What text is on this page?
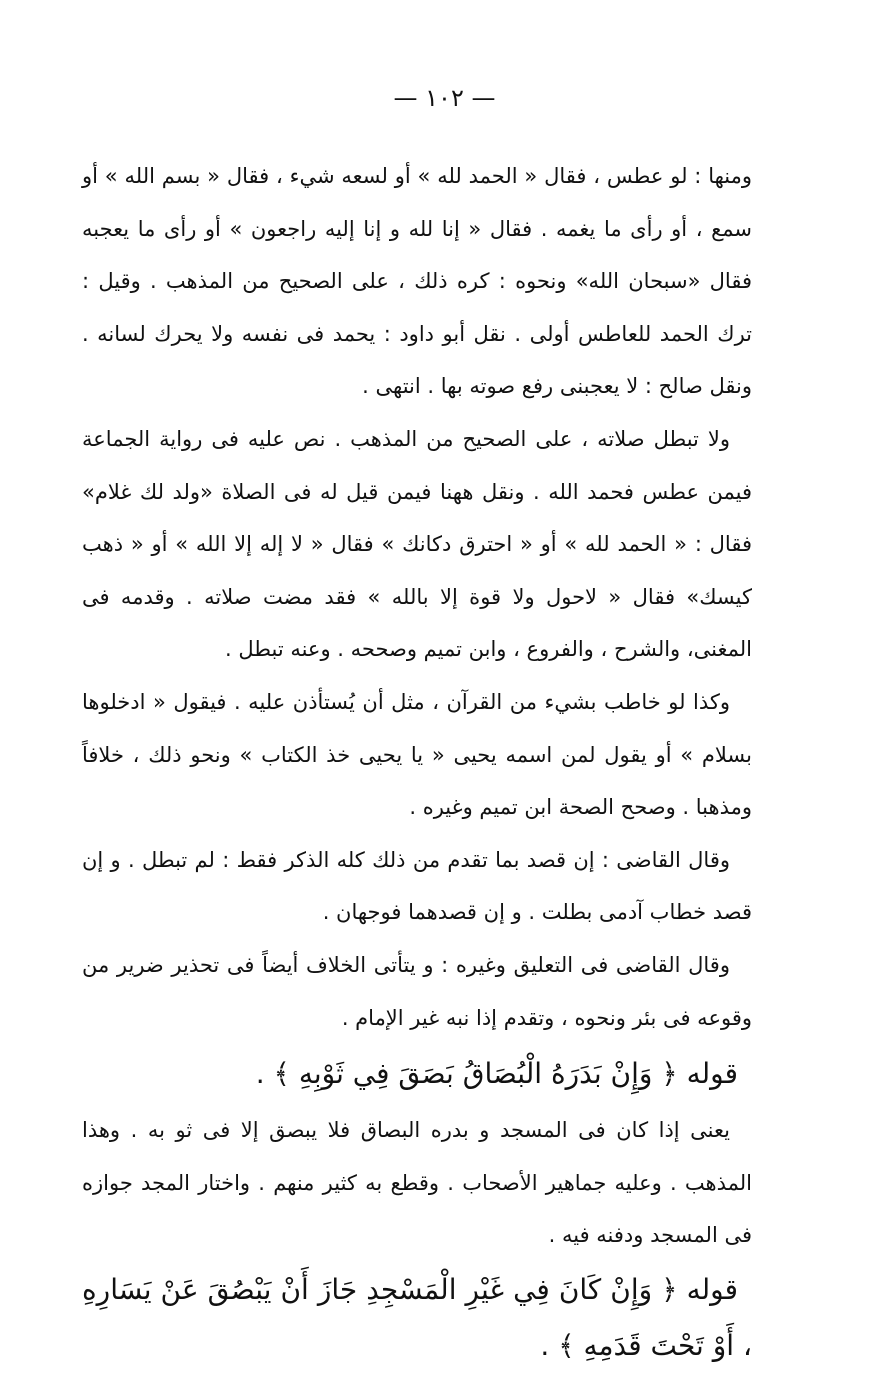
— ١٠٢ —

ومنها : لو عطس ، فقال « الحمد لله » أو لسعه شيء ، فقال « بسم الله » أو سمع ، أو رأى ما يغمه . فقال « إنا لله و إنا إليه راجعون » أو رأى ما يعجبه فقال «سبحان الله» ونحوه : كره ذلك ، على الصحيح من المذهب . وقيل : ترك الحمد للعاطس أولى . نقل أبو داود : يحمد فى نفسه ولا يحرك لسانه . ونقل صالح : لا يعجبنى رفع صوته بها . انتهى .

ولا تبطل صلاته ، على الصحيح من المذهب . نص عليه فى رواية الجماعة فيمن عطس فحمد الله . ونقل ههنا فيمن قيل له فى الصلاة «ولد لك غلام» فقال : « الحمد لله » أو « احترق دكانك » فقال « لا إله إلا الله » أو « ذهب كيسك» فقال « لاحول ولا قوة إلا بالله » فقد مضت صلاته . وقدمه فى المغنى، والشرح ، والفروع ، وابن تميم وصححه . وعنه تبطل .

وكذا لو خاطب بشيء من القرآن ، مثل أن يُستأذن عليه . فيقول « ادخلوها بسلام » أو يقول لمن اسمه يحيى « يا يحيى خذ الكتاب » ونحو ذلك ، خلافاً ومذهبا . وصحح الصحة ابن تميم وغيره .

وقال القاضى : إن قصد بما تقدم من ذلك كله الذكر فقط : لم تبطل . و إن قصد خطاب آدمى بطلت . و إن قصدهما فوجهان .

وقال القاضى فى التعليق وغيره : و يتأتى الخلاف أيضاً فى تحذير ضرير من وقوعه فى بئر ونحوه ، وتقدم إذا نبه غير الإمام .

قوله ﴿ وَإِنْ بَدَرَهُ الْبُصَاقُ بَصَقَ فِي ثَوْبِهِ ﴾ .

يعنى إذا كان فى المسجد و بدره البصاق فلا يبصق إلا فى ثو به . وهذا المذهب . وعليه جماهير الأصحاب . وقطع به كثير منهم . واختار المجد جوازه فى المسجد ودفنه فيه .

قوله ﴿ وَإِنْ كَانَ فِي غَيْرِ الْمَسْجِدِ جَازَ أَنْ يَبْصُقَ عَنْ يَسَارِهِ ، أَوْ تَحْتَ قَدَمِهِ ﴾ .
